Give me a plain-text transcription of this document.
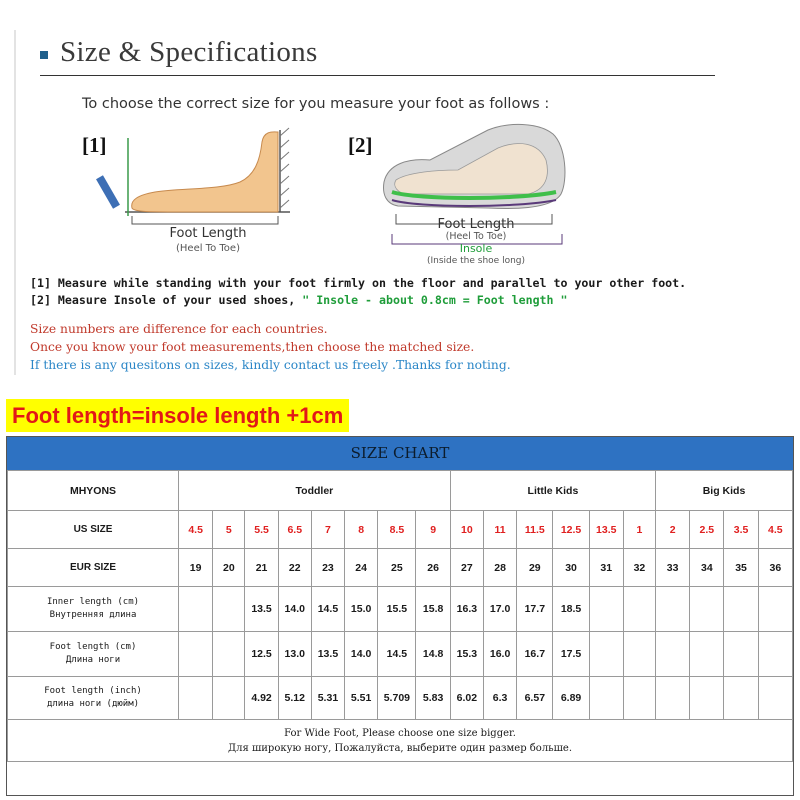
Size & Specifications
To choose the correct size for you measure your foot as follows :
[1]	[2]
Foot Length
(Heel To Toe)
Foot Length
(Heel To Toe)
Insole
(Inside the shoe long)
[1] Measure while standing with your foot firmly on the floor and parallel to your other foot.
[2] Measure Insole of your used shoes, " Insole - about 0.8cm = Foot length "
Size numbers are difference for each countries.
Once you know your foot measurements,then choose the matched size.
If there is any quesitons on sizes, kindly contact us freely .Thanks for noting.
Foot length=insole length +1cm
SIZE CHART
MHYONS	Toddler								Little Kids						Big Kids			
US SIZE	4.5	5	5.5	6.5	7	8	8.5	9	10	11	11.5	12.5	13.5	1	2	2.5	3.5	4.5
EUR SIZE	19	20	21	22	23	24	25	26	27	28	29	30	31	32	33	34	35	36

Inner length (cm)
Внутренняя длина			13.5	14.0	14.5	15.0	15.5	15.8	16.3	17.0	17.7	18.5						

Foot length (cm)
Длина ноги			12.5	13.0	13.5	14.0	14.5	14.8	15.3	16.0	16.7	17.5						

Foot length (inch)
длина ноги (дюйм)			4.92	5.12	5.31	5.51	5.709	5.83	6.02	6.3	6.57	6.89						

For Wide Foot, Please choose one size bigger.
Для широкую ногу, Пожалуйста, выберите один размер больше.																		
